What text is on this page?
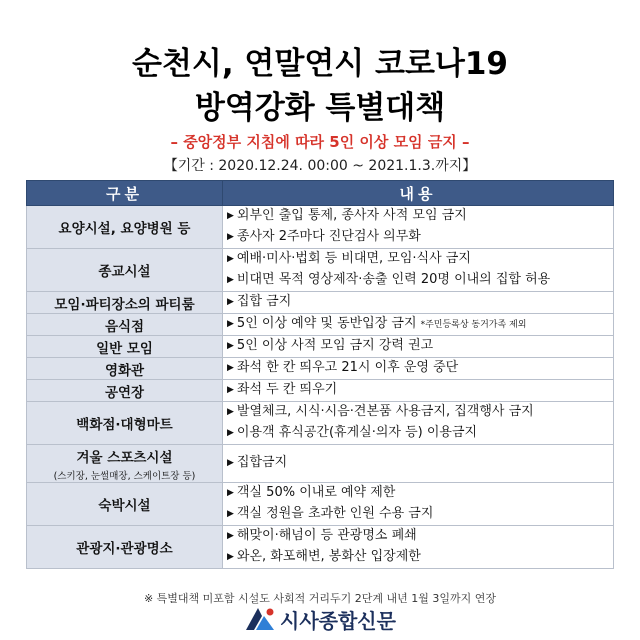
순천시, 연말연시 코로나19
방역강화 특별대책
– 중앙정부 지침에 따라 5인 이상 모임 금지 –
【기간 : 2020.12.24. 00:00 ~ 2021.1.3.까지】
구분	내용
요양시설, 요양병원 등	▶ 외부인 출입 통제, 종사자 사적 모임 금지
▶ 종사자 2주마다 진단검사 의무화

종교시설	▶ 예배·미사·법회 등 비대면, 모임·식사 금지
▶ 비대면 목적 영상제작·송출 인력 20명 이내의 집합 허용

모임·파티장소의 파티룸	▶ 집합 금지

음식점	▶ 5인 이상 예약 및 동반입장 금지 *주민등록상 동거가족 제외

일반 모임	▶ 5인 이상 사적 모임 금지 강력 권고

영화관	▶ 좌석 한 칸 띄우고 21시 이후 운영 중단

공연장	▶ 좌석 두 칸 띄우기

백화점·대형마트	▶ 발열체크, 시식·시음·견본품 사용금지, 집객행사 금지
▶ 이용객 휴식공간(휴게실·의자 등) 이용금지

겨울 스포츠시설
(스키장, 눈썰매장, 스케이트장 등)	▶ 집합금지

숙박시설	▶ 객실 50% 이내로 예약 제한
▶ 객실 정원을 초과한 인원 수용 금지

관광지·관광명소	▶ 해맞이·해넘이 등 관광명소 폐쇄
▶ 와온, 화포해변, 봉화산 입장제한
※ 특별대책 미포함 시설도 사회적 거리두기 2단계 내년 1월 3일까지 연장
시사종합신문
